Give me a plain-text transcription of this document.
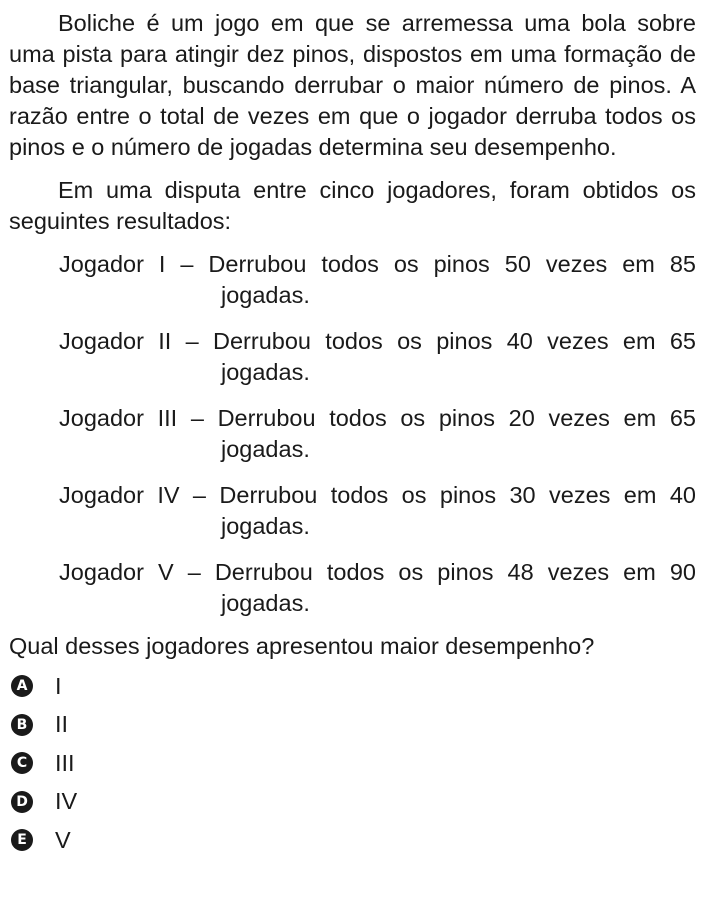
Boliche é um jogo em que se arremessa uma bola sobre uma pista para atingir dez pinos, dispostos em uma formação de base triangular, buscando derrubar o maior número de pinos. A razão entre o total de vezes em que o jogador derruba todos os pinos e o número de jogadas determina seu desempenho.

Em uma disputa entre cinco jogadores, foram obtidos os seguintes resultados:

Jogador I – Derrubou todos os pinos 50 vezes em 85 jogadas.
Jogador II – Derrubou todos os pinos 40 vezes em 65 jogadas.
Jogador III – Derrubou todos os pinos 20 vezes em 65 jogadas.
Jogador IV – Derrubou todos os pinos 30 vezes em 40 jogadas.
Jogador V – Derrubou todos os pinos 48 vezes em 90 jogadas.

Qual desses jogadores apresentou maior desempenho?

A I
B II
C III
D IV
E V
